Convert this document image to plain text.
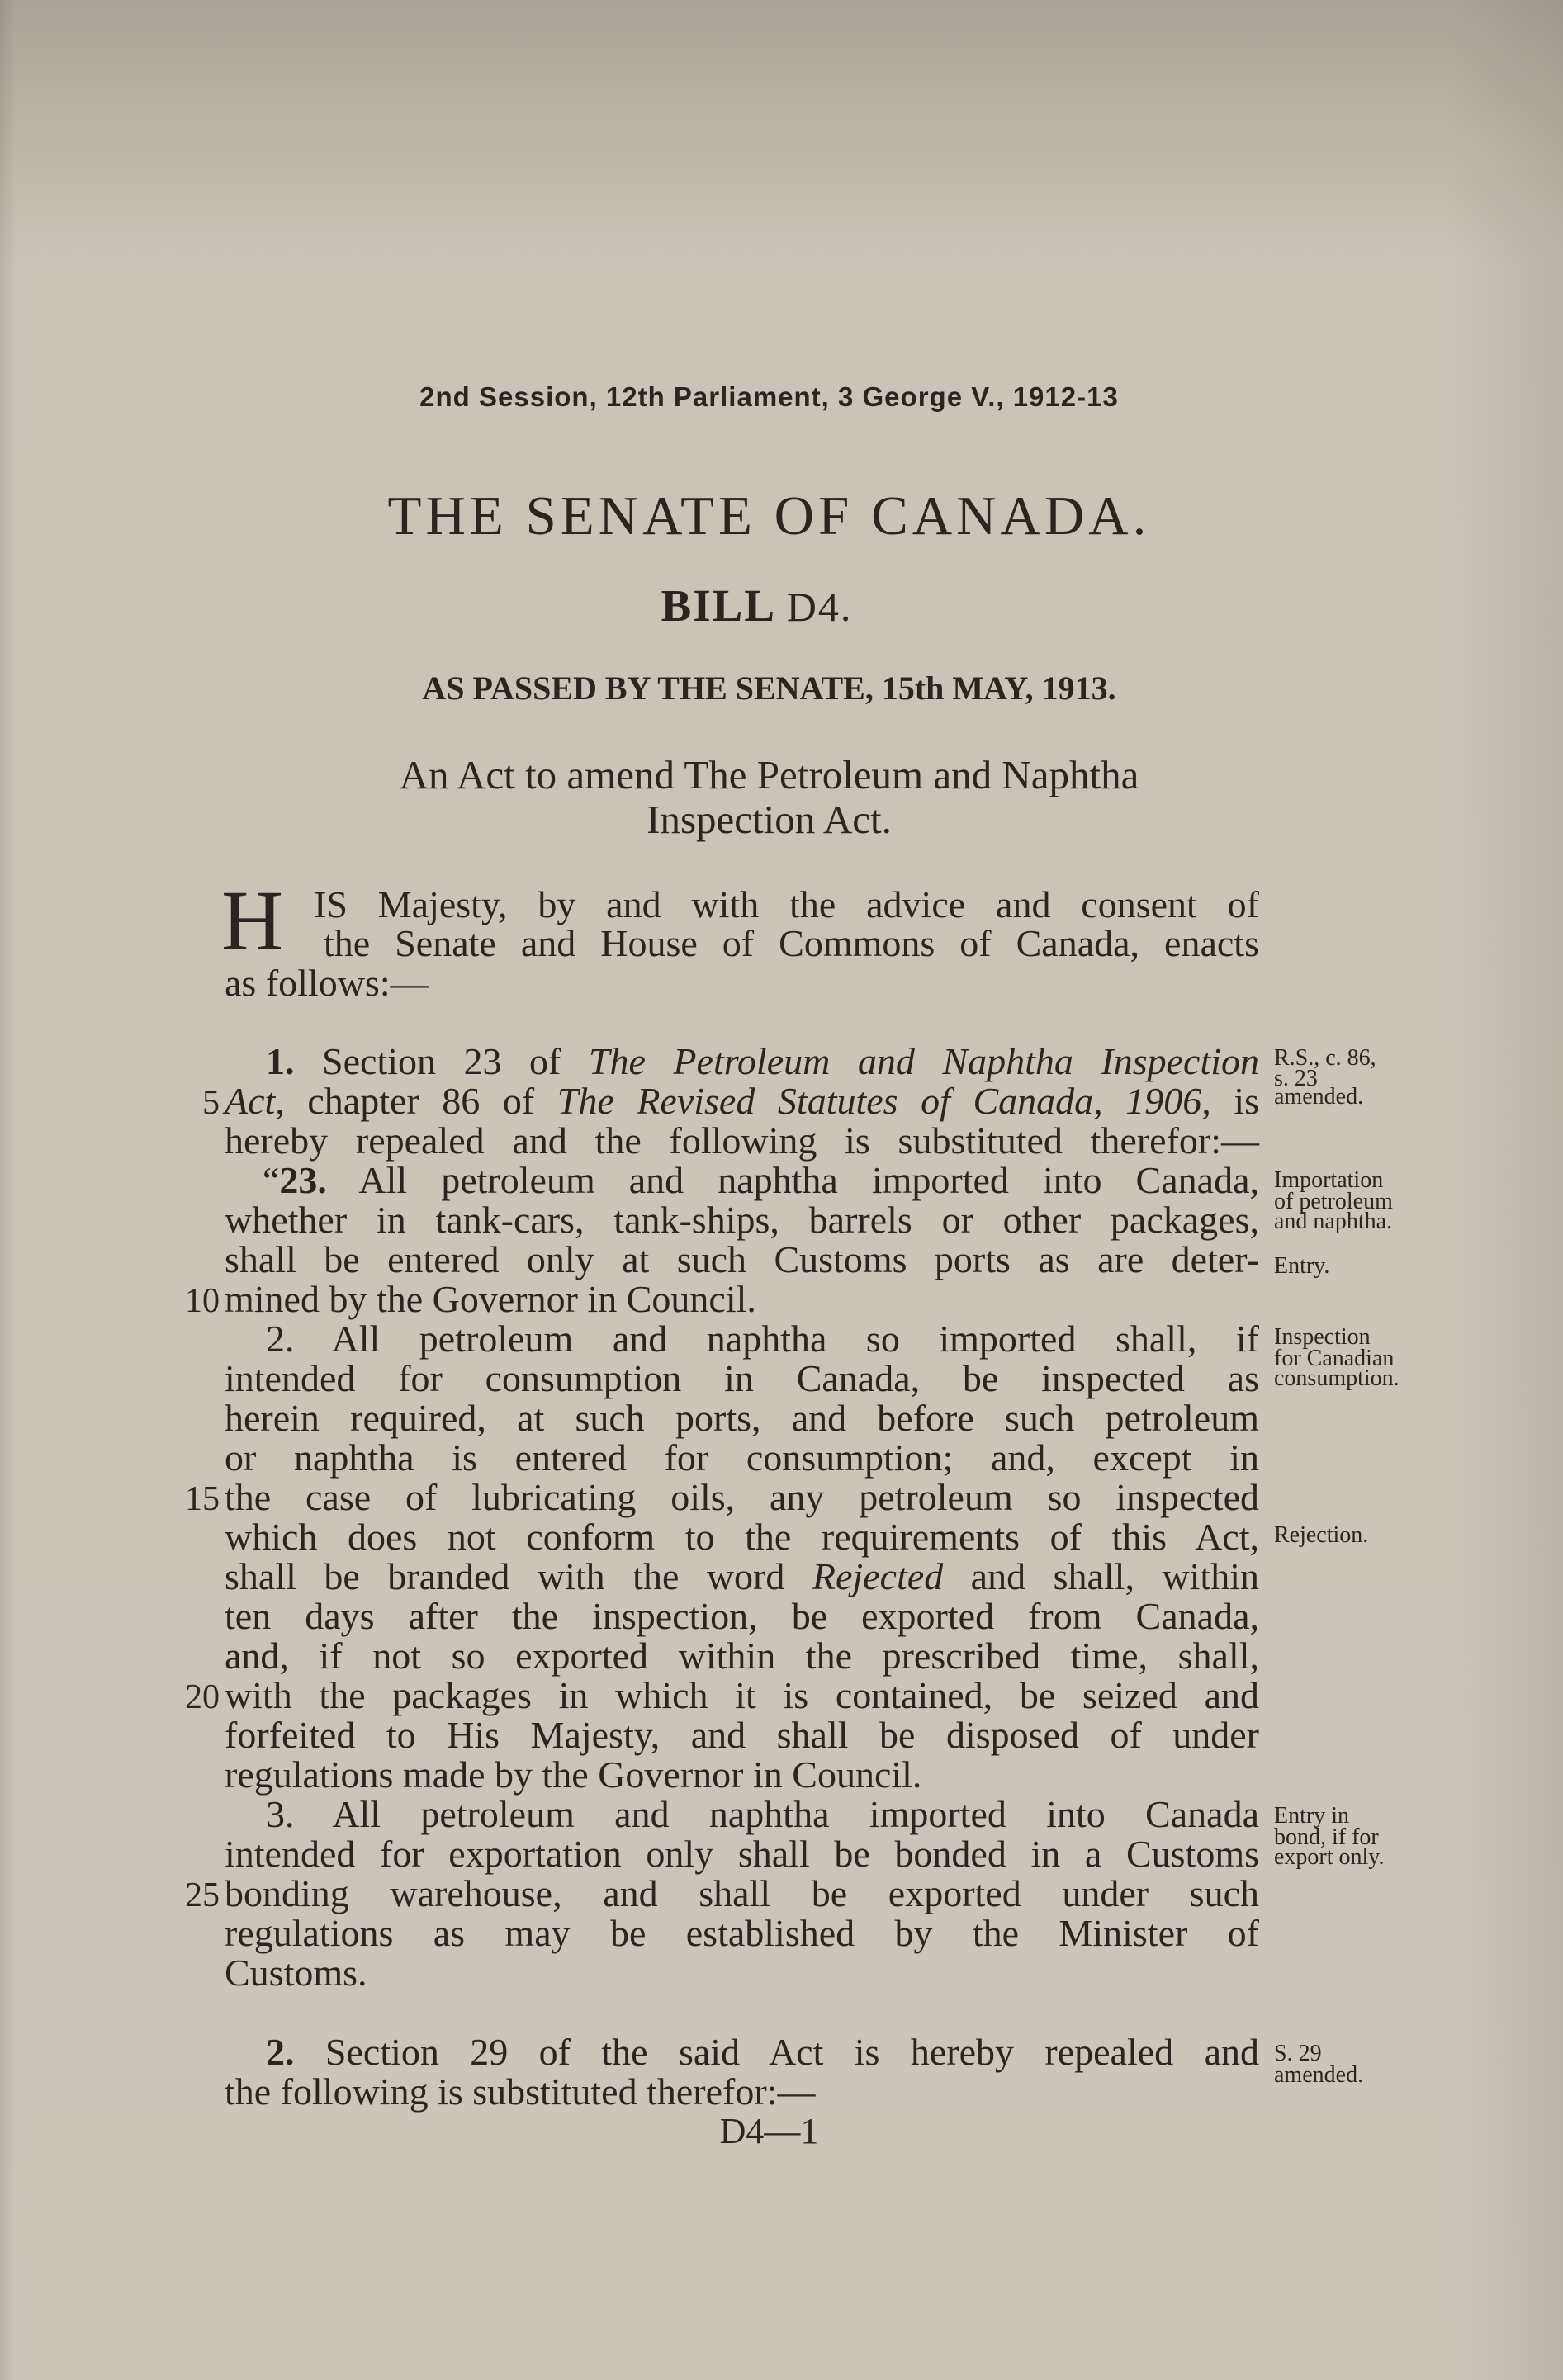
2nd Session, 12th Parliament, 3 George V., 1912-13
THE SENATE OF CANADA.
BILL D4.
AS PASSED BY THE SENATE, 15th MAY, 1913.
An Act to amend The Petroleum and Naphtha
Inspection Act.
H IS Majesty, by and with the advice and consent of
the Senate and House of Commons of Canada, enacts
as follows:—
1. Section 23 of The Petroleum and Naphtha Inspection
Act, chapter 86 of The Revised Statutes of Canada, 1906, is
hereby repealed and the following is substituted therefor:—
“23. All petroleum and naphtha imported into Canada,
whether in tank-cars, tank-ships, barrels or other packages,
shall be entered only at such Customs ports as are deter-
mined by the Governor in Council.
2. All petroleum and naphtha so imported shall, if
intended for consumption in Canada, be inspected as
herein required, at such ports, and before such petroleum
or naphtha is entered for consumption; and, except in
the case of lubricating oils, any petroleum so inspected
which does not conform to the requirements of this Act,
shall be branded with the word Rejected and shall, within
ten days after the inspection, be exported from Canada,
and, if not so exported within the prescribed time, shall,
with the packages in which it is contained, be seized and
forfeited to His Majesty, and shall be disposed of under
regulations made by the Governor in Council.
3. All petroleum and naphtha imported into Canada
intended for exportation only shall be bonded in a Customs
bonding warehouse, and shall be exported under such
regulations as may be established by the Minister of
Customs.
2. Section 29 of the said Act is hereby repealed and
the following is substituted therefor:—
5
10
15
20
25
R.S., c. 86,
s. 23
amended.
Importation
of petroleum
and naphtha.
Entry.
Inspection
for Canadian
consumption.
Rejection.
Entry in
bond, if for
export only.
S. 29
amended.
D4—1
